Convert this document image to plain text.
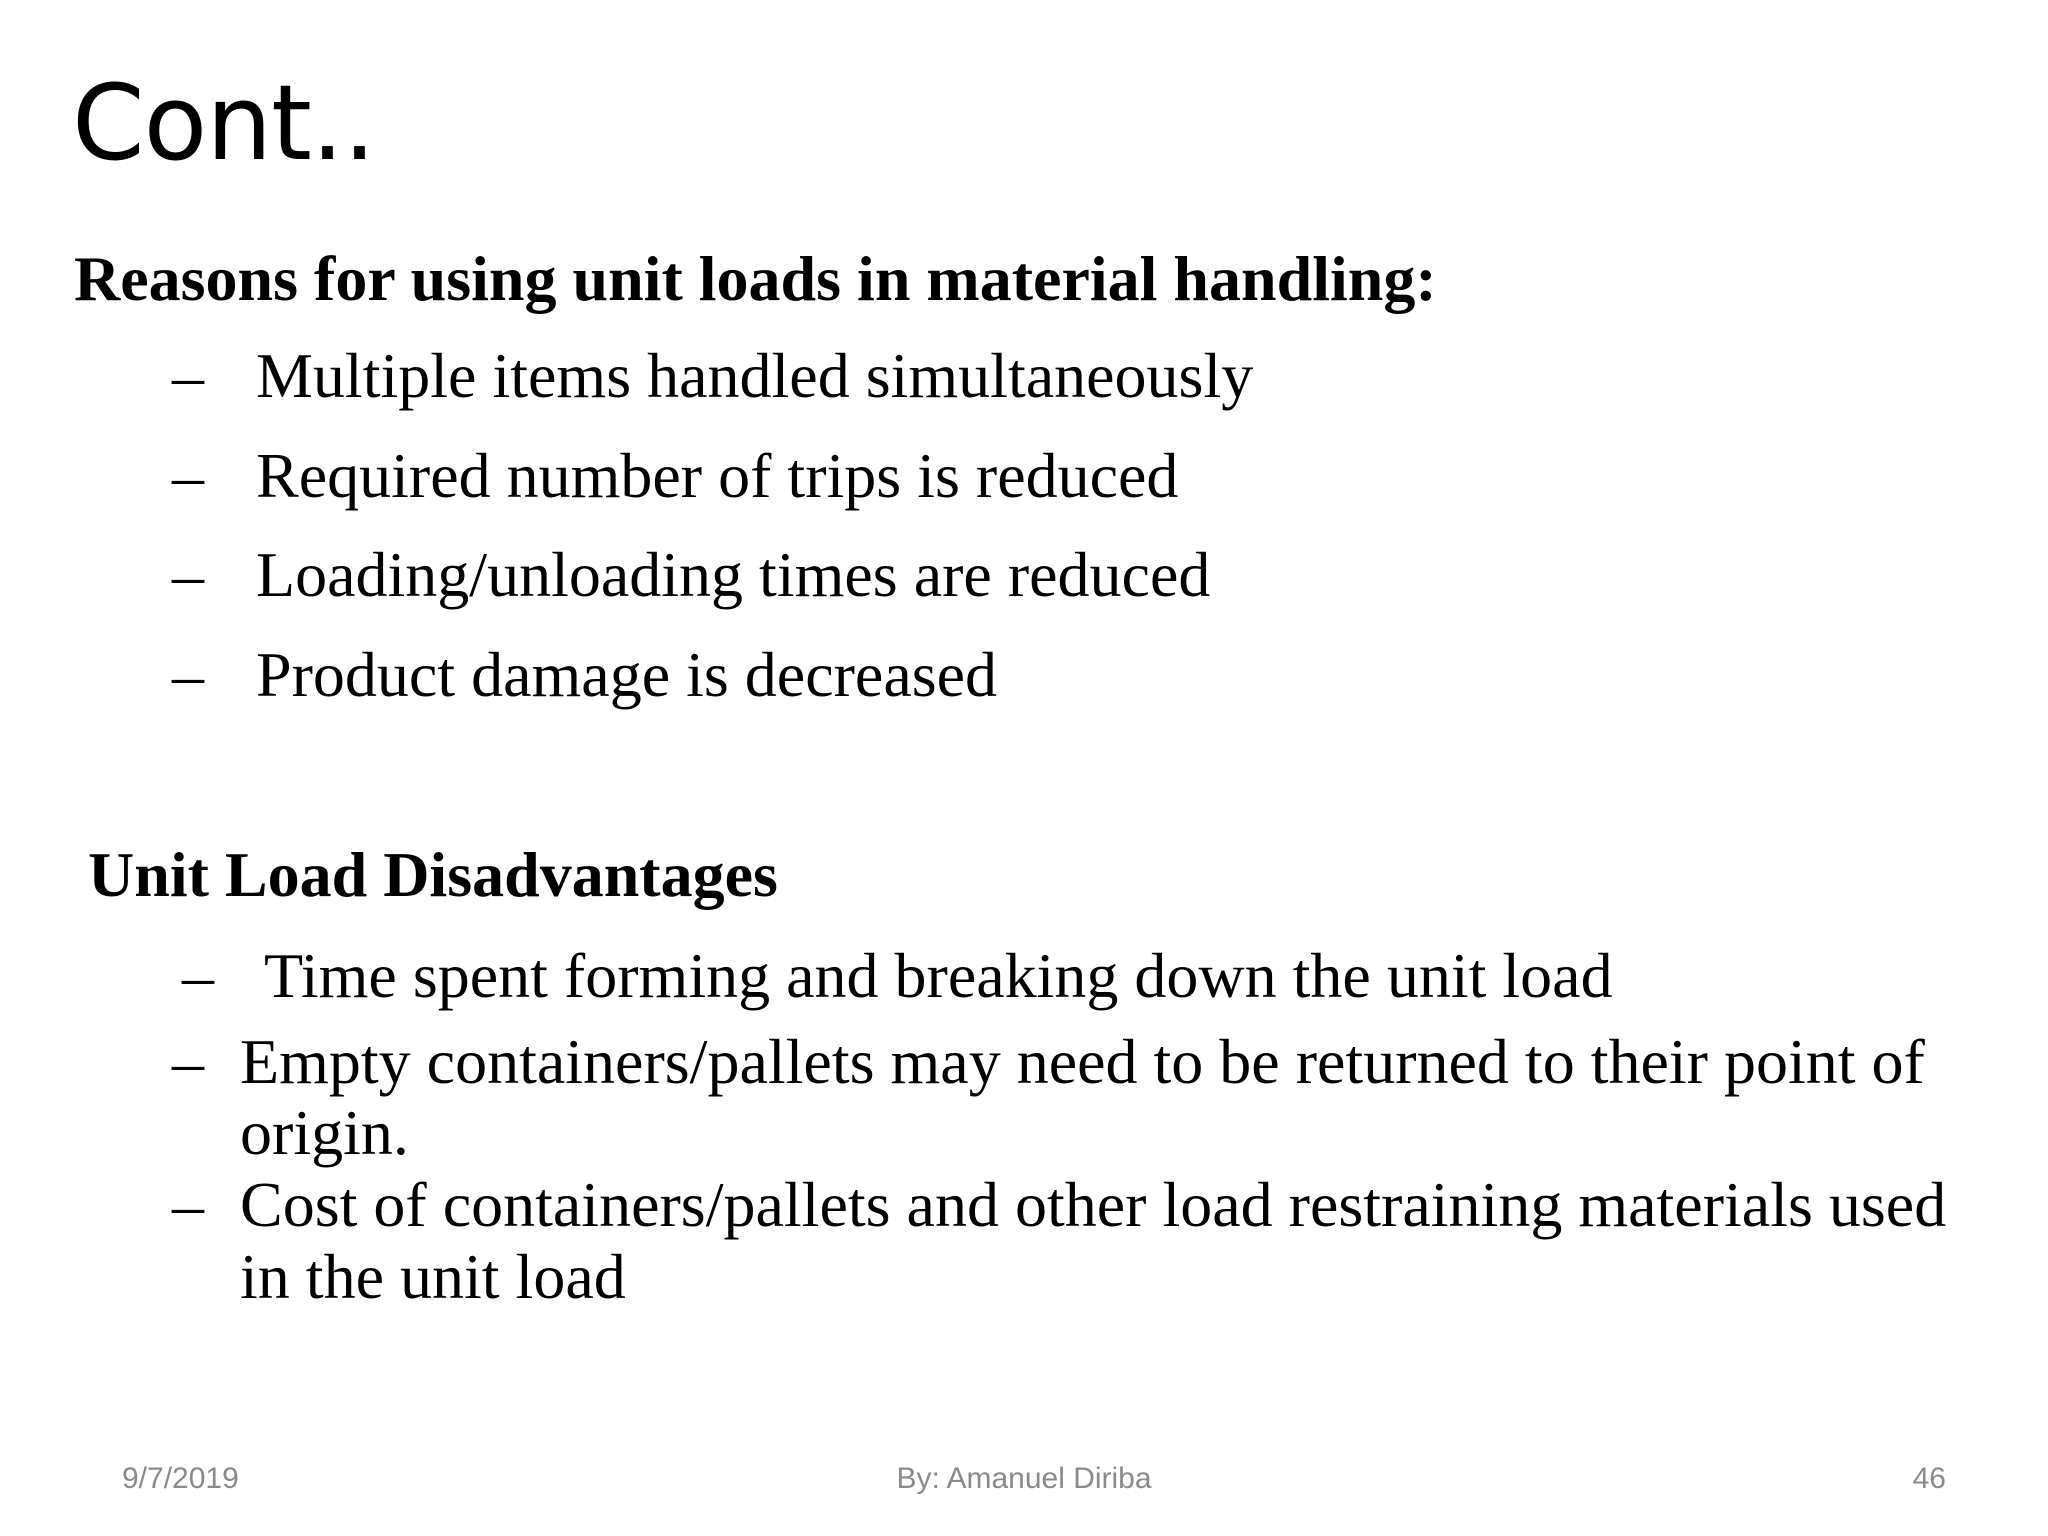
Cont..
Reasons for using unit loads in material handling:
– Multiple items handled simultaneously
– Required number of trips is reduced
– Loading/unloading times are reduced
– Product damage is decreased
Unit Load Disadvantages
– Time spent forming and breaking down the unit load
– Empty containers/pallets may need to be returned to their point of origin.
– Cost of containers/pallets and other load restraining materials used in the unit load
9/7/2019	By: Amanuel Diriba	46
